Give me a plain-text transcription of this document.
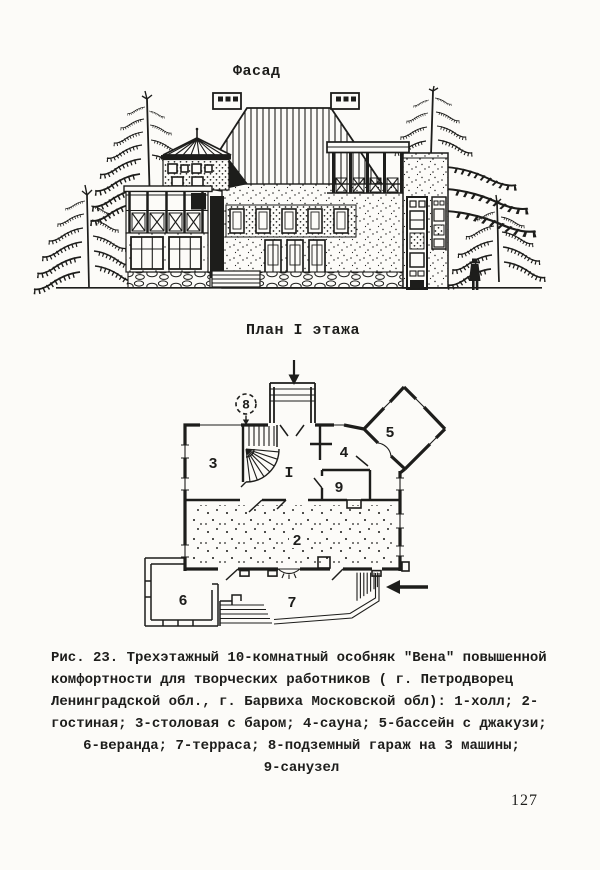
Фасад
План I этажа
8
3
I
4
5
9
2
6	7
Рис. 23. Трехэтажный 10-комнатный особняк "Вена" повышенной
комфортности для творческих работников ( г. Петродворец
Ленинградской обл., г. Барвиха Московской обл): 1-холл; 2-
гостиная; 3-столовая с баром; 4-сауна; 5-бассейн с джакузи;
6-веранда; 7-терраса; 8-подземный гараж на 3 машины;
9-санузел
127
